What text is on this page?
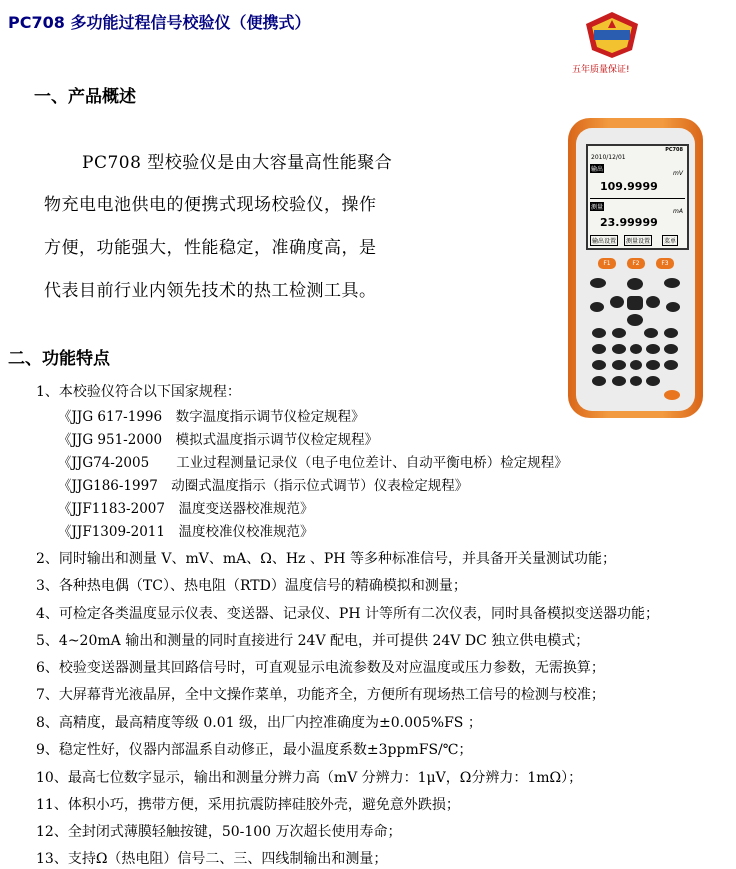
PC708 多功能过程信号校验仪（便携式）
五年质量保证!
一、产品概述
PC708 型校验仪是由大容量高性能聚合
物充电电池供电的便携式现场校验仪，操作
方便，功能强大，性能稳定，准确度高，是
代表目前行业内领先技术的热工检测工具。
PC708
2010/12/01
输出
mV
109.9999
测量
mA
23.99999
输出设置	测量设置	菜单
F1	F2	F3
二、功能特点
1、本校验仪符合以下国家规程：
《JJG 617-1996　数字温度指示调节仪检定规程》
《JJG 951-2000　模拟式温度指示调节仪检定规程》
《JJG74-2005　　工业过程测量记录仪（电子电位差计、自动平衡电桥）检定规程》
《JJG186-1997　动圈式温度指示（指示位式调节）仪表检定规程》
《JJF1183-2007　温度变送器校准规范》
《JJF1309-2011　温度校准仪校准规范》
2、同时输出和测量 V、mV、mA、Ω、Hz 、PH 等多种标准信号，并具备开关量测试功能；
3、各种热电偶（TC）、热电阻（RTD）温度信号的精确模拟和测量；
4、可检定各类温度显示仪表、变送器、记录仪、PH 计等所有二次仪表，同时具备模拟变送器功能；
5、4~20mA 输出和测量的同时直接进行 24V 配电，并可提供 24V DC 独立供电模式；
6、校验变送器测量其回路信号时，可直观显示电流参数及对应温度或压力参数，无需换算；
7、大屏幕背光液晶屏，全中文操作菜单，功能齐全，方便所有现场热工信号的检测与校准；
8、高精度，最高精度等级 0.01 级，出厂内控准确度为±0.005%FS ；
9、稳定性好，仪器内部温系自动修正，最小温度系数±3ppmFS/℃；
10、最高七位数字显示，输出和测量分辨力高（mV 分辨力：1μV，Ω分辨力：1mΩ）；
11、体积小巧，携带方便，采用抗震防摔硅胶外壳，避免意外跌损；
12、全封闭式薄膜轻触按键，50-100 万次超长使用寿命；
13、支持Ω（热电阻）信号二、三、四线制输出和测量；
